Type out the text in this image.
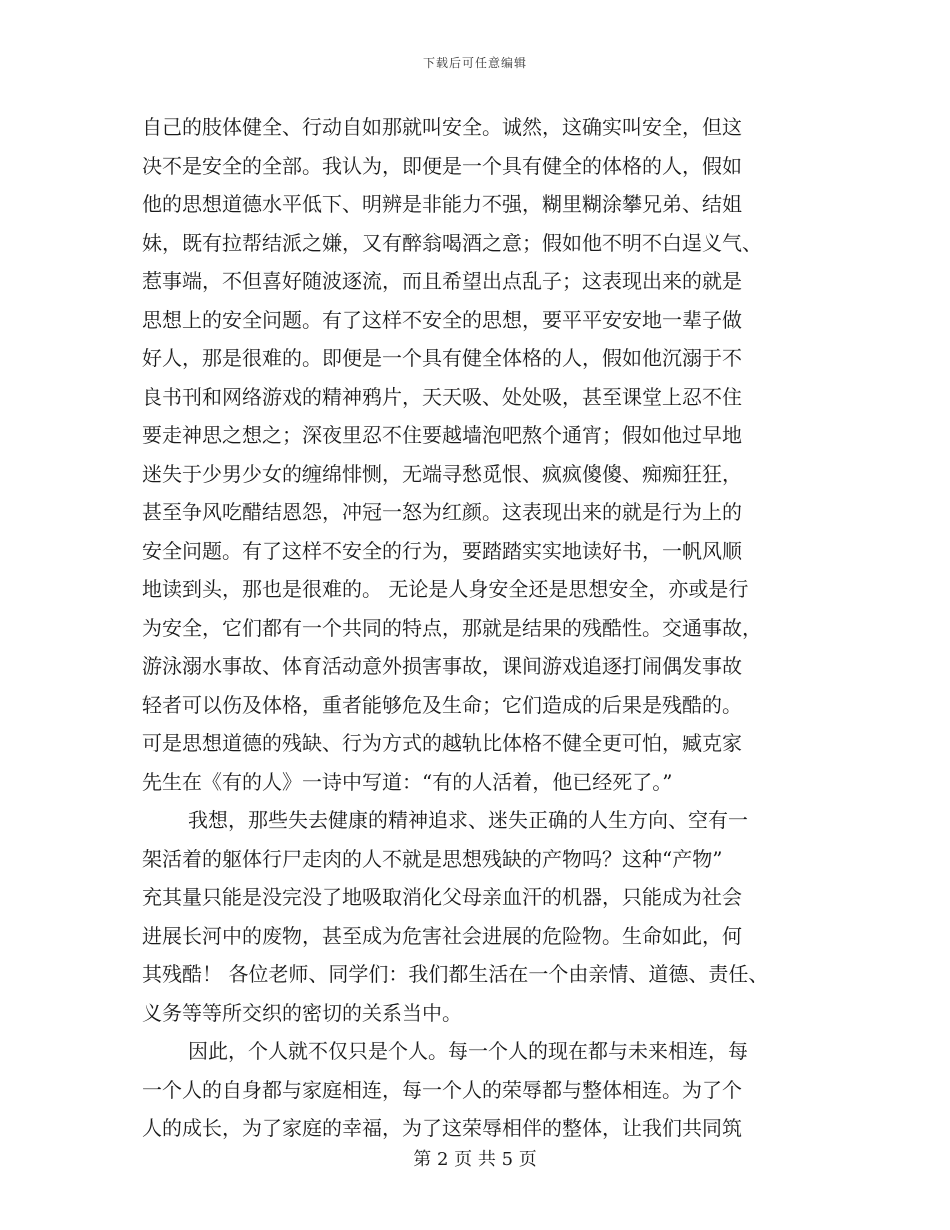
下载后可任意编辑
自己的肢体健全、行动自如那就叫安全。诚然，这确实叫安全，但这
决不是安全的全部。我认为，即便是一个具有健全的体格的人，假如
他的思想道德水平低下、明辨是非能力不强，糊里糊涂攀兄弟、结姐
妹，既有拉帮结派之嫌，又有醉翁喝酒之意；假如他不明不白逞义气、
惹事端，不但喜好随波逐流，而且希望出点乱子；这表现出来的就是
思想上的安全问题。有了这样不安全的思想，要平平安安地一辈子做
好人，那是很难的。即便是一个具有健全体格的人，假如他沉溺于不
良书刊和网络游戏的精神鸦片，天天吸、处处吸，甚至课堂上忍不住
要走神思之想之；深夜里忍不住要越墙泡吧熬个通宵；假如他过早地
迷失于少男少女的缠绵悱恻，无端寻愁觅恨、疯疯傻傻、痴痴狂狂，
甚至争风吃醋结恩怨，冲冠一怒为红颜。这表现出来的就是行为上的
安全问题。有了这样不安全的行为，要踏踏实实地读好书，一帆风顺
地读到头，那也是很难的。 无论是人身安全还是思想安全，亦或是行
为安全，它们都有一个共同的特点，那就是结果的残酷性。交通事故，
游泳溺水事故、体育活动意外损害事故，课间游戏追逐打闹偶发事故
轻者可以伤及体格，重者能够危及生命；它们造成的后果是残酷的。
可是思想道德的残缺、行为方式的越轨比体格不健全更可怕，臧克家
先生在《有的人》一诗中写道：“有的人活着，他已经死了。”
我想，那些失去健康的精神追求、迷失正确的人生方向、空有一
架活着的躯体行尸走肉的人不就是思想残缺的产物吗？这种“产物”
充其量只能是没完没了地吸取消化父母亲血汗的机器，只能成为社会
进展长河中的废物，甚至成为危害社会进展的危险物。生命如此，何
其残酷！ 各位老师、同学们：我们都生活在一个由亲情、道德、责任、
义务等等所交织的密切的关系当中。
因此，个人就不仅只是个人。每一个人的现在都与未来相连，每
一个人的自身都与家庭相连，每一个人的荣辱都与整体相连。为了个
人的成长，为了家庭的幸福，为了这荣辱相伴的整体，让我们共同筑
第 2 页 共 5 页
